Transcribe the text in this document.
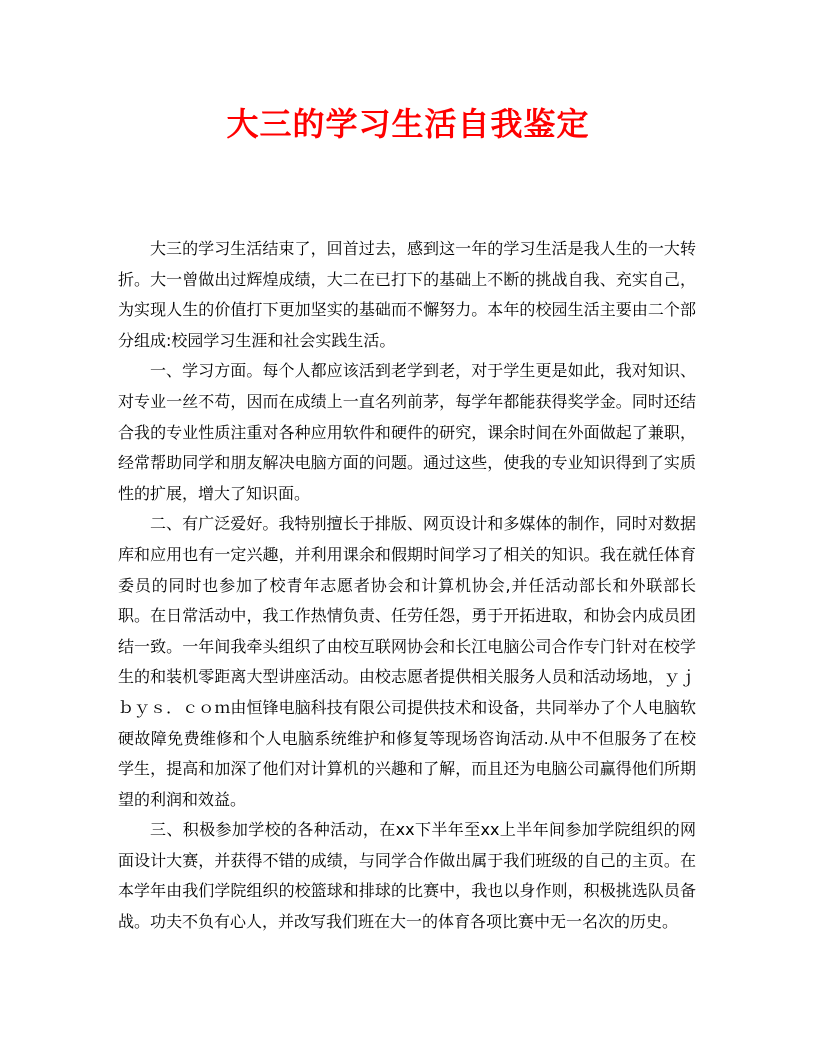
大三的学习生活自我鉴定

大三的学习生活结束了，回首过去，感到这一年的学习生活是我人生的一大转折。大一曾做出过辉煌成绩，大二在已打下的基础上不断的挑战自我、充实自己，为实现人生的价值打下更加坚实的基础而不懈努力。本年的校园生活主要由二个部分组成:校园学习生涯和社会实践生活。

一、学习方面。每个人都应该活到老学到老，对于学生更是如此，我对知识、对专业一丝不苟，因而在成绩上一直名列前茅，每学年都能获得奖学金。同时还结合我的专业性质注重对各种应用软件和硬件的研究，课余时间在外面做起了兼职，经常帮助同学和朋友解决电脑方面的问题。通过这些，使我的专业知识得到了实质性的扩展，增大了知识面。

二、有广泛爱好。我特别擅长于排版、网页设计和多媒体的制作，同时对数据库和应用也有一定兴趣，并利用课余和假期时间学习了相关的知识。我在就任体育委员的同时也参加了校青年志愿者协会和计算机协会,并任活动部长和外联部长职。在日常活动中，我工作热情负责、任劳任怨，勇于开拓进取，和协会内成员团结一致。一年间我牵头组织了由校互联网协会和长江电脑公司合作专门针对在校学生的和装机零距离大型讲座活动。由校志愿者提供相关服务人员和活动场地，ｙｊｂｙｓ．ｃｏｍ由恒锋电脑科技有限公司提供技术和设备，共同举办了个人电脑软硬故障免费维修和个人电脑系统维护和修复等现场咨询活动.从中不但服务了在校学生，提高和加深了他们对计算机的兴趣和了解，而且还为电脑公司赢得他们所期望的利润和效益。

三、积极参加学校的各种活动，在xx下半年至xx上半年间参加学院组织的网面设计大赛，并获得不错的成绩，与同学合作做出属于我们班级的自己的主页。在本学年由我们学院组织的校篮球和排球的比赛中，我也以身作则，积极挑选队员备战。功夫不负有心人，并改写我们班在大一的体育各项比赛中无一名次的历史。
